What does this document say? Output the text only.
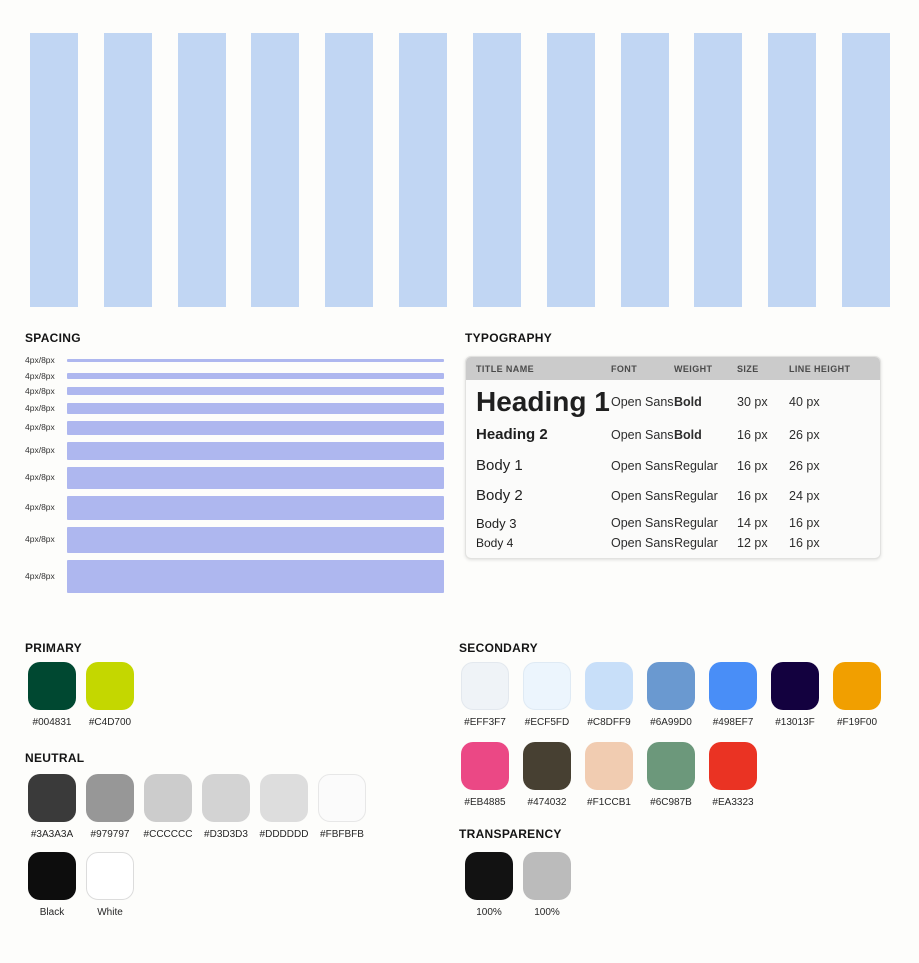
SPACING
4px/8px
4px/8px
4px/8px
4px/8px
4px/8px
4px/8px
4px/8px
4px/8px
4px/8px
4px/8px
TYPOGRAPHY
TITLE NAME	FONT	WEIGHT	SIZE	LINE HEIGHT
Heading 1 Open Sans Bold	30 px	40 px
Heading 2	Open Sans Bold	16 px	26 px
Body 1	Open Sans Regular	16 px	26 px
Body 2	Open Sans Regular	16 px	24 px
Body 3	Open Sans Regular	14 px	16 px
Body 4	Open Sans Regular	12 px	16 px
PRIMARY
#004831 #C4D700
SECONDARY
#EFF3F7 #ECF5FD #C8DFF9 #6A99D0 #498EF7 #13013F #F19F00
#EB4885 #474032 #F1CCB1 #6C987B #EA3323
NEUTRAL
#3A3A3A #979797 #CCCCCC #D3D3D3 #DDDDDD #FBFBFB
Black	White
TRANSPARENCY
100%	100%
